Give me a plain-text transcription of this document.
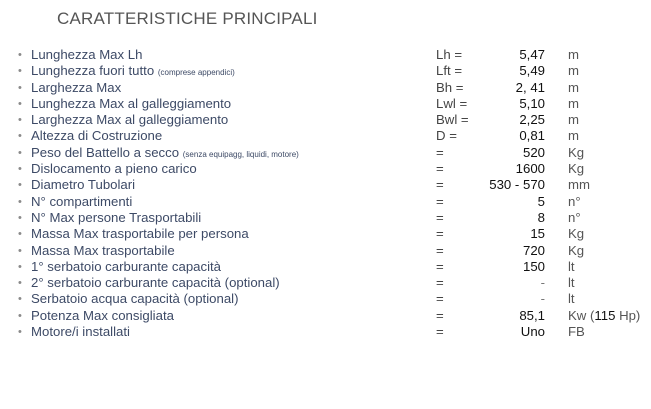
CARATTERISTICHE PRINCIPALI
• Lunghezza Max Lh	Lh =	5,47 m
• Lunghezza fuori tutto (comprese appendici)	Lft =	5,49 m
• Larghezza Max	Bh =	2, 41 m
• Lunghezza Max al galleggiamento	Lwl =	5,10 m
• Larghezza Max al galleggiamento	Bwl =	2,25 m
• Altezza di Costruzione	D =	0,81 m
• Peso del Battello a secco (senza equipagg, liquidi, motore)	=	520 Kg
• Dislocamento a pieno carico	=	1600 Kg
• Diametro Tubolari	=	530 - 570 mm
• N° compartimenti	=	5 n°
• N° Max persone Trasportabili	=	8 n°
• Massa Max trasportabile per persona	=	15 Kg
• Massa Max trasportabile	=	720 Kg
• 1° serbatoio carburante capacità	=	150 lt
• 2° serbatoio carburante capacità (optional)	=	- lt
• Serbatoio acqua capacità (optional)	=	- lt
• Potenza Max consigliata	=	85,1 Kw (115 Hp)
• Motore/i installati	=	Uno FB
